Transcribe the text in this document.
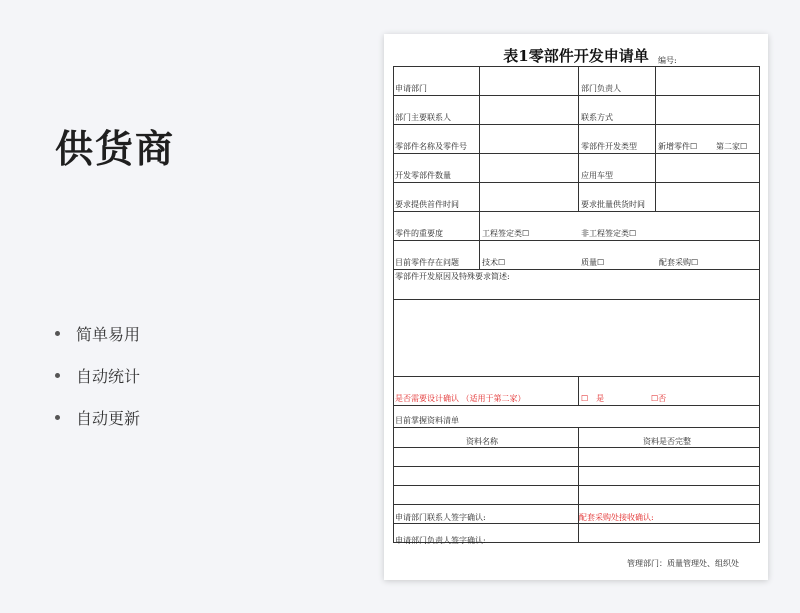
供货商
简单易用
自动统计
自动更新
表1零部件开发申请单	编号:
申请部门	部门负责人
部门主要联系人	联系方式
零部件名称及零件号	零部件开发类型	新增零件☐ 第二家☐
开发零部件数量	应用车型
要求提供首件时间	要求批量供货时间
零件的重要度	工程签定类☐	非工程签定类☐
目前零件存在问题	技术☐	质量☐	配套采购☐
零部件开发原因及特殊要求简述:
是否需要设计确认 （适用于第二家）	☐　是	☐否
目前掌握资料清单
资料名称	资料是否完整
申请部门联系人签字确认:	配套采购处接收确认:
申请部门负责人签字确认:
管理部门：质量管理处、组织处
